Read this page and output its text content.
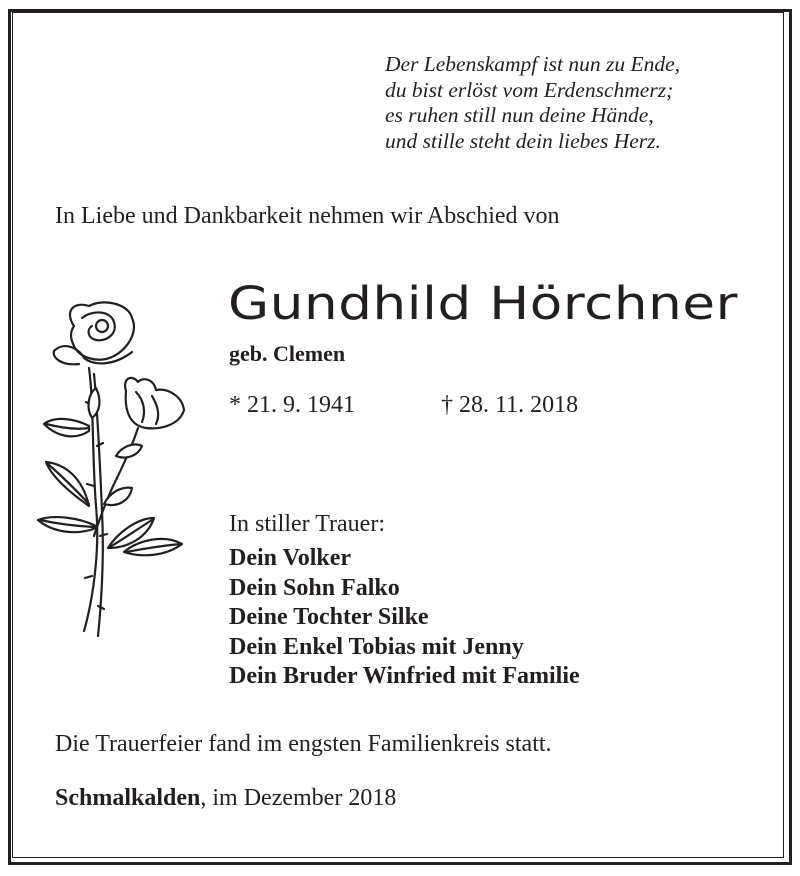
Der Lebenskampf ist nun zu Ende,
du bist erlöst vom Erdenschmerz;
es ruhen still nun deine Hände,
und stille steht dein liebes Herz.
In Liebe und Dankbarkeit nehmen wir Abschied von
Gundhild Hörchner
geb. Clemen
* 21. 9. 1941	† 28. 11. 2018
In stiller Trauer:
Dein Volker
Dein Sohn Falko
Deine Tochter Silke
Dein Enkel Tobias mit Jenny
Dein Bruder Winfried mit Familie
Die Trauerfeier fand im engsten Familienkreis statt.
Schmalkalden, im Dezember 2018
